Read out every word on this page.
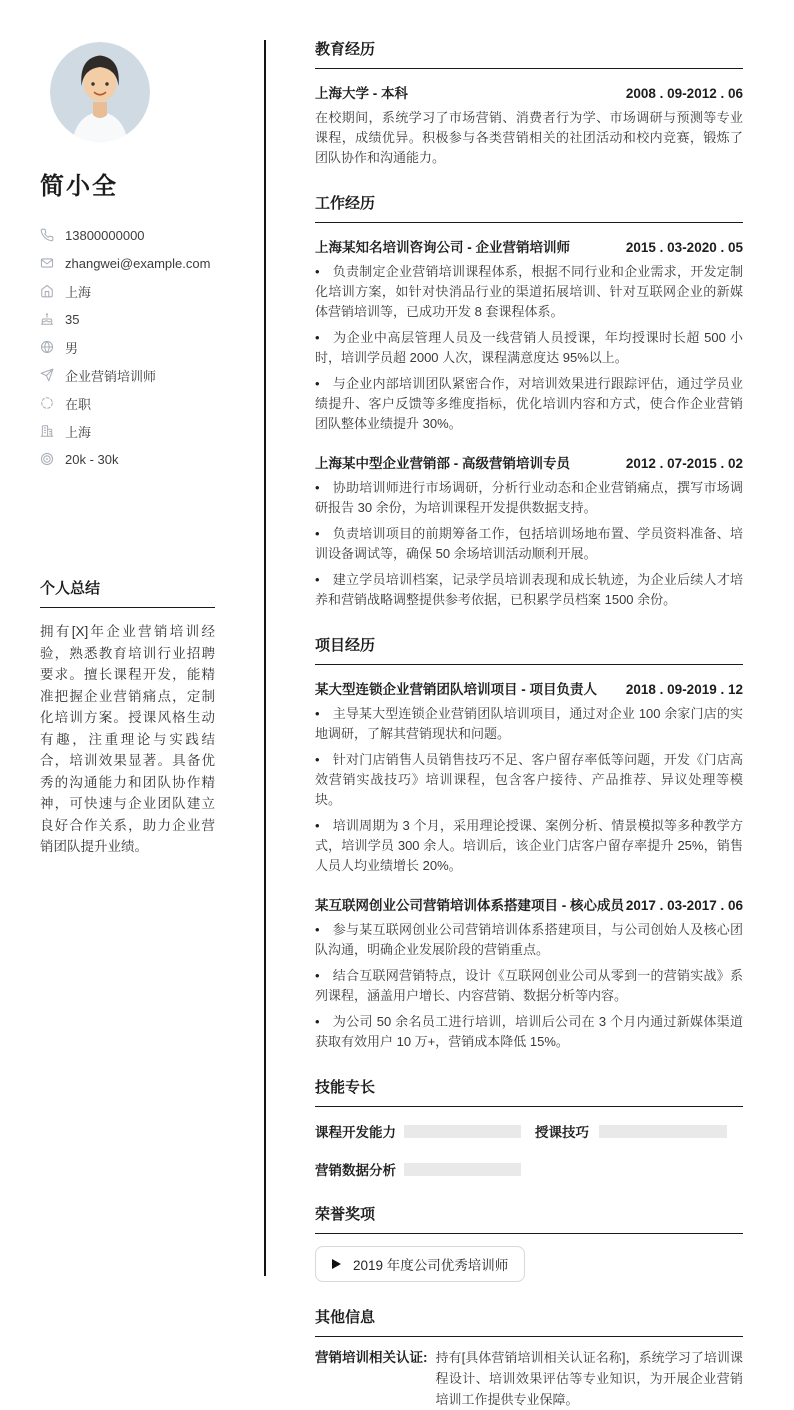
简小全
13800000000
zhangwei@example.com
上海
35
男
企业营销培训师
在职
上海
20k - 30k
个人总结

拥有[X]年企业营销培训经验，熟悉教育培训行业招聘要求。擅长课程开发，能精准把握企业营销痛点，定制化培训方案。授课风格生动有趣，注重理论与实践结合，培训效果显著。具备优秀的沟通能力和团队协作精神，可快速与企业团队建立良好合作关系，助力企业营销团队提升业绩。

教育经历
上海大学 - 本科	2008 . 09-2012 . 06

在校期间，系统学习了市场营销、消费者行为学、市场调研与预测等专业课程，成绩优异。积极参与各类营销相关的社团活动和校内竞赛，锻炼了团队协作和沟通能力。

工作经历
上海某知名培训咨询公司 - 企业营销培训师	2015 . 03-2020 . 05

• 负责制定企业营销培训课程体系，根据不同行业和企业需求，开发定制化培训方案，如针对快消品行业的渠道拓展培训、针对互联网企业的新媒体营销培训等，已成功开发 8 套课程体系。

• 为企业中高层管理人员及一线营销人员授课，年均授课时长超 500 小时，培训学员超 2000 人次，课程满意度达 95%以上。

• 与企业内部培训团队紧密合作，对培训效果进行跟踪评估，通过学员业绩提升、客户反馈等多维度指标，优化培训内容和方式，使合作企业营销团队整体业绩提升 30%。

上海某中型企业营销部 - 高级营销培训专员	2012 . 07-2015 . 02

• 协助培训师进行市场调研，分析行业动态和企业营销痛点，撰写市场调研报告 30 余份，为培训课程开发提供数据支持。

• 负责培训项目的前期筹备工作，包括培训场地布置、学员资料准备、培训设备调试等，确保 50 余场培训活动顺利开展。

• 建立学员培训档案，记录学员培训表现和成长轨迹，为企业后续人才培养和营销战略调整提供参考依据，已积累学员档案 1500 余份。

项目经历
某大型连锁企业营销团队培训项目 - 项目负责人 2018 . 09-2019 . 12

• 主导某大型连锁企业营销团队培训项目，通过对企业 100 余家门店的实地调研，了解其营销现状和问题。

• 针对门店销售人员销售技巧不足、客户留存率低等问题，开发《门店高效营销实战技巧》培训课程，包含客户接待、产品推荐、异议处理等模块。

• 培训周期为 3 个月，采用理论授课、案例分析、情景模拟等多种教学方式，培训学员 300 余人。培训后，该企业门店客户留存率提升 25%，销售人员人均业绩增长 20%。

某互联网创业公司营销培训体系搭建项目 - 核心成员 2017 . 03-2017 . 06

• 参与某互联网创业公司营销培训体系搭建项目，与公司创始人及核心团队沟通，明确企业发展阶段的营销重点。

• 结合互联网营销特点，设计《互联网创业公司从零到一的营销实战》系列课程，涵盖用户增长、内容营销、数据分析等内容。

• 为公司 50 余名员工进行培训，培训后公司在 3 个月内通过新媒体渠道获取有效用户 10 万+，营销成本降低 15%。

技能专长
课程开发能力	授课技巧
营销数据分析
荣誉奖项
2019 年度公司优秀培训师
其他信息
营销培训相关认证: 持有[具体营销培训相关认证名称]，系统学习了培训课程设计、培训效果评估等专业知识，为开展企业营销培训工作提供专业保障。
